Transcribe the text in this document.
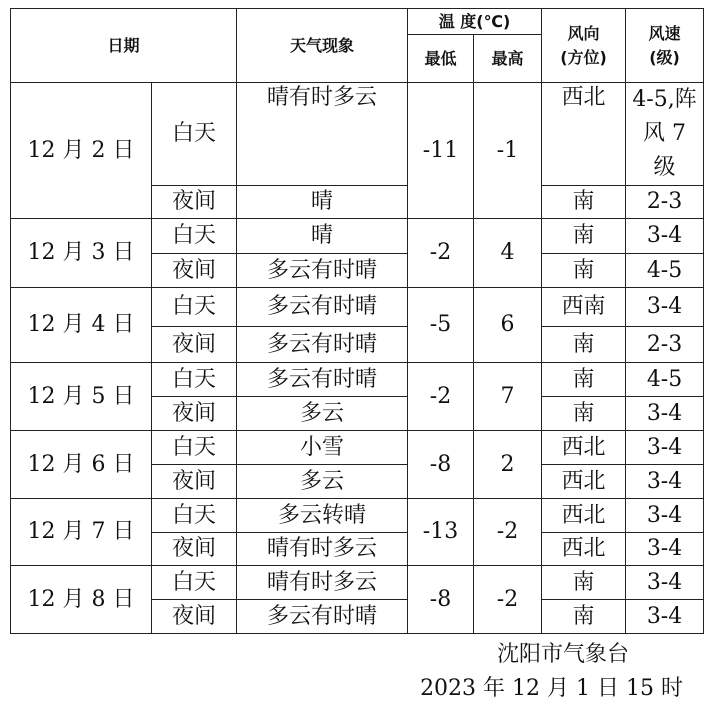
日期		天气现象	温 度(℃)		风向(方位)	风速(级)

			最低	最高		
12 月 2 日	白天	晴有时多云	-11	-1	西北	4-5,阵风 7 级

	夜间	晴			南	2-3
12 月 3 日	白天	晴	-2	4	南	3-4
	夜间	多云有时晴			南	4-5
12 月 4 日	白天	多云有时晴	-5	6	西南	3-4
	夜间	多云有时晴			南	2-3
12 月 5 日	白天	多云有时晴	-2	7	南	4-5
	夜间	多云			南	3-4
12 月 6 日	白天	小雪	-8	2	西北	3-4
	夜间	多云			西北	3-4
12 月 7 日	白天	多云转晴	-13	-2	西北	3-4
	夜间	晴有时多云			西北	3-4
12 月 8 日	白天	晴有时多云	-8	-2	南	3-4
	夜间	多云有时晴			南	3-4
沈阳市气象台
2023 年 12 月 1 日 15 时
